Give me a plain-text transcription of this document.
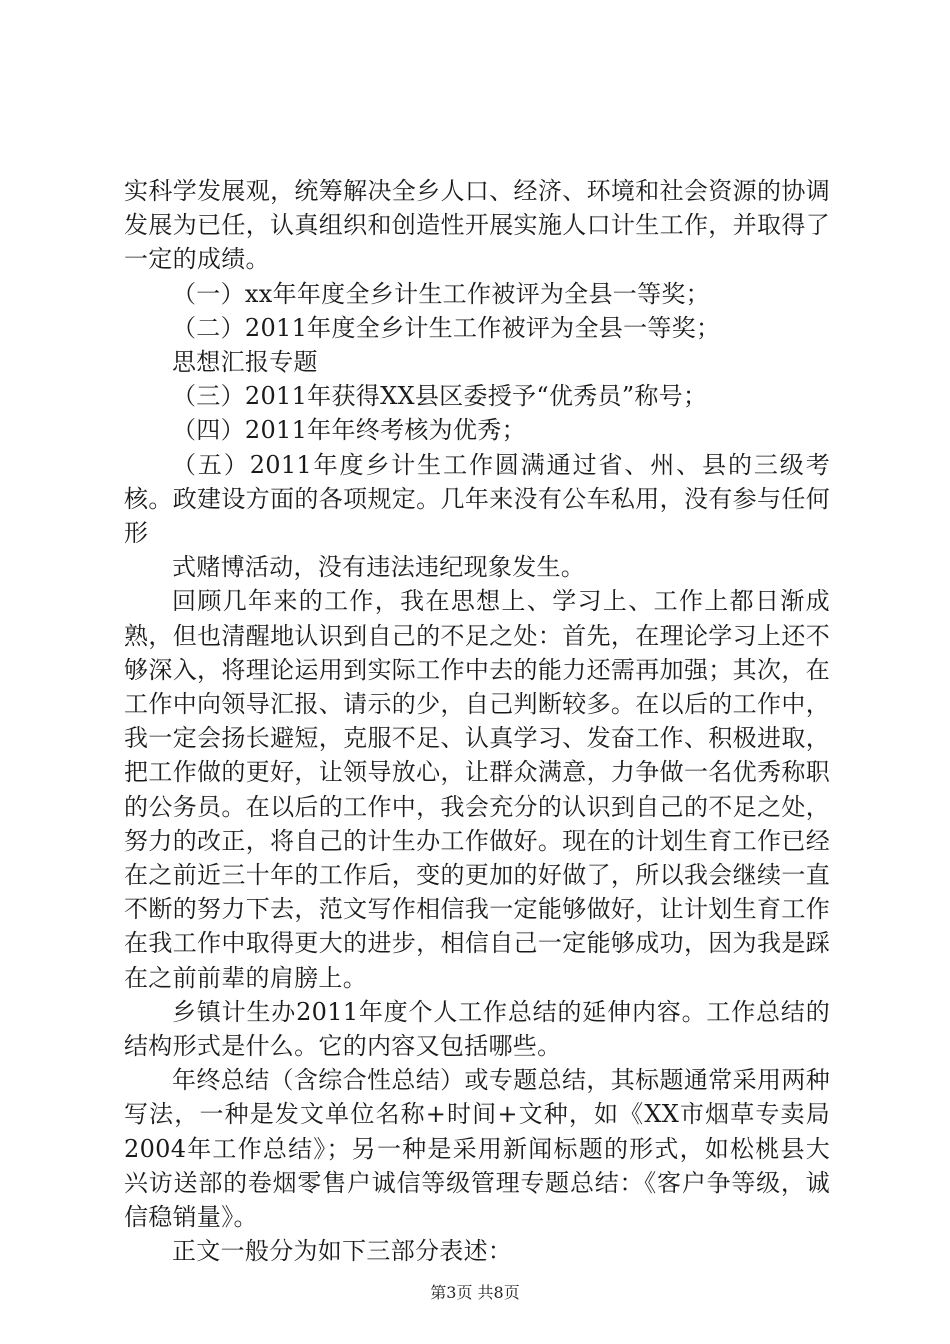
实科学发展观，统筹解决全乡人口、经济、环境和社会资源的协调发展为已任，认真组织和创造性开展实施人口计生工作，并取得了一定的成绩。

（一）xx年年度全乡计生工作被评为全县一等奖；

（二）2011年度全乡计生工作被评为全县一等奖；

思想汇报专题

（三）2011年获得XX县区委授予“优秀员”称号；

（四）2011年年终考核为优秀；

（五）2011年度乡计生工作圆满通过省、州、县的三级考核。政建设方面的各项规定。几年来没有公车私用，没有参与任何形

式赌博活动，没有违法违纪现象发生。

回顾几年来的工作，我在思想上、学习上、工作上都日渐成熟，但也清醒地认识到自己的不足之处：首先，在理论学习上还不够深入，将理论运用到实际工作中去的能力还需再加强；其次，在工作中向领导汇报、请示的少，自己判断较多。在以后的工作中，我一定会扬长避短，克服不足、认真学习、发奋工作、积极进取，把工作做的更好，让领导放心，让群众满意，力争做一名优秀称职的公务员。在以后的工作中，我会充分的认识到自己的不足之处，努力的改正，将自己的计生办工作做好。现在的计划生育工作已经在之前近三十年的工作后，变的更加的好做了，所以我会继续一直不断的努力下去，范文写作相信我一定能够做好，让计划生育工作在我工作中取得更大的进步，相信自己一定能够成功，因为我是踩在之前前辈的肩膀上。

乡镇计生办2011年度个人工作总结的延伸内容。工作总结的结构形式是什么。它的内容又包括哪些。

年终总结（含综合性总结）或专题总结，其标题通常采用两种写法，一种是发文单位名称+时间+文种，如《XX市烟草专卖局2004年工作总结》；另一种是采用新闻标题的形式，如松桃县大兴访送部的卷烟零售户诚信等级管理专题总结：《客户争等级，诚信稳销量》。

正文一般分为如下三部分表述：

第3页 共8页
